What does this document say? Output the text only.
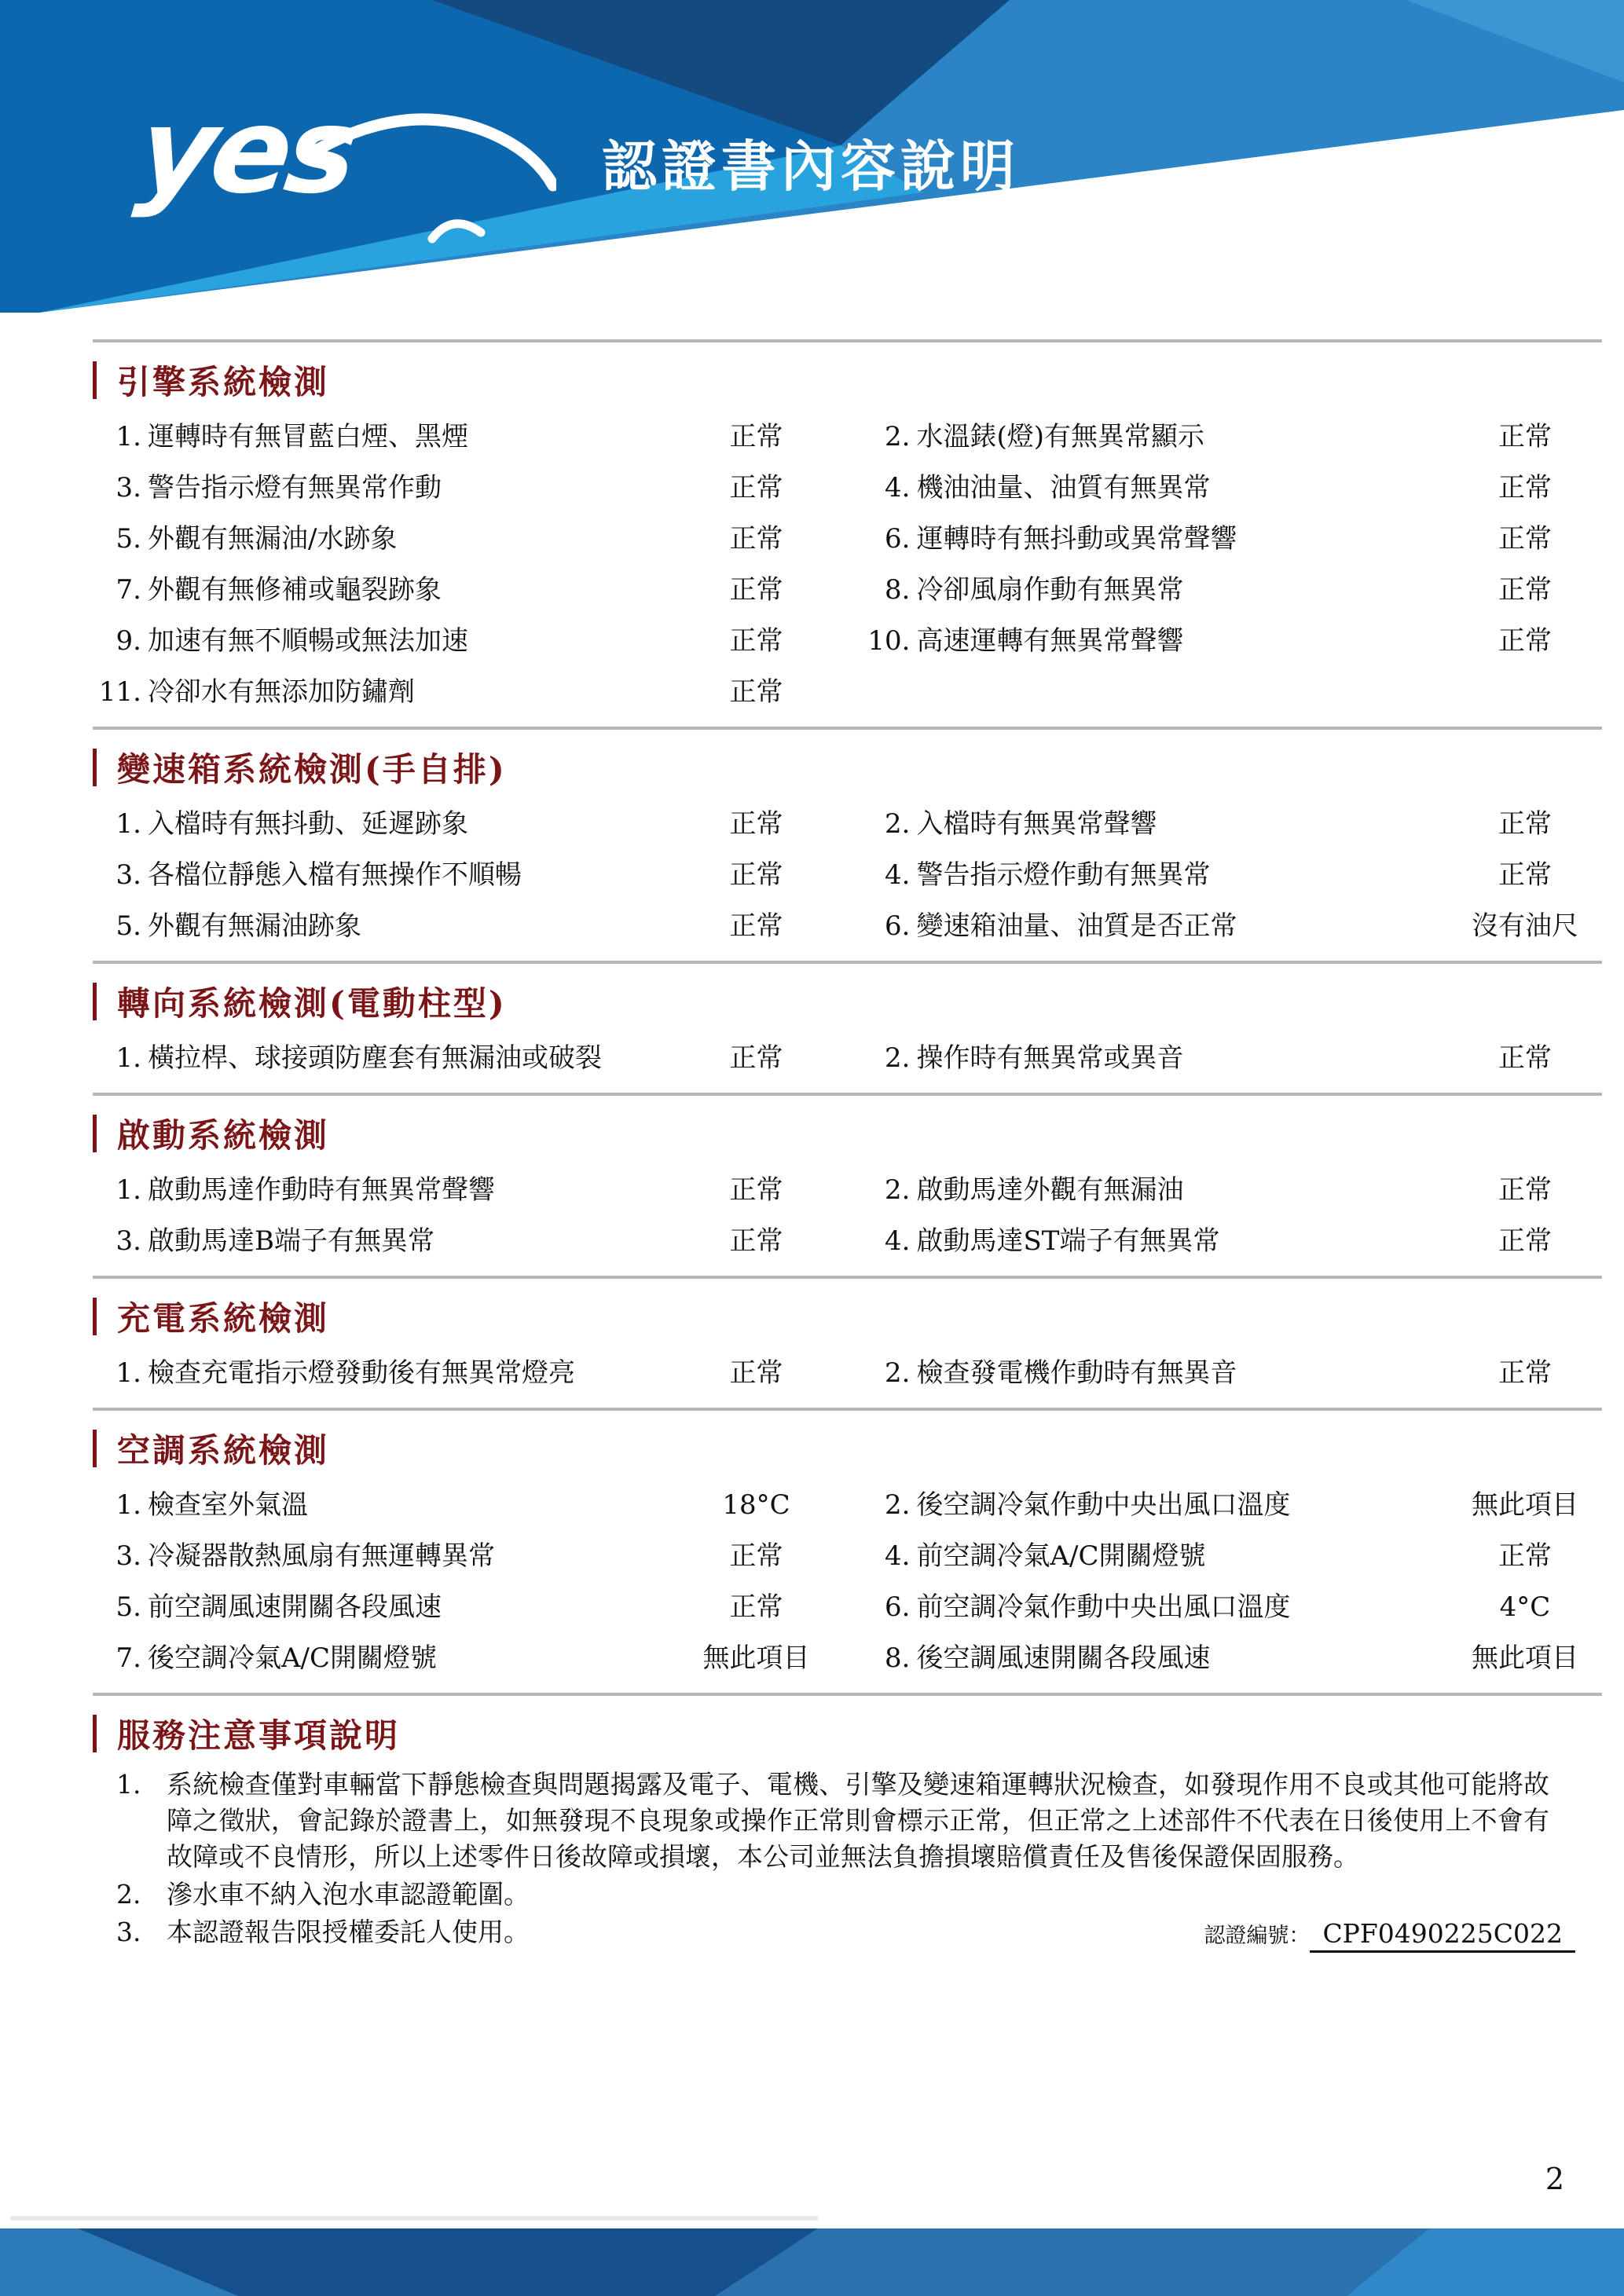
yes	認證書內容說明
引擎系統檢測
1. 運轉時有無冒藍白煙、黑煙	正常	2. 水溫錶(燈)有無異常顯示	正常
3. 警告指示燈有無異常作動	正常	4. 機油油量、油質有無異常	正常
5. 外觀有無漏油/水跡象	正常	6. 運轉時有無抖動或異常聲響	正常
7. 外觀有無修補或龜裂跡象	正常	8. 冷卻風扇作動有無異常	正常
9. 加速有無不順暢或無法加速	正常	10. 高速運轉有無異常聲響	正常
11. 冷卻水有無添加防鏽劑	正常
變速箱系統檢測(手自排)
1. 入檔時有無抖動、延遲跡象	正常	2. 入檔時有無異常聲響	正常
3. 各檔位靜態入檔有無操作不順暢	正常	4. 警告指示燈作動有無異常	正常
5. 外觀有無漏油跡象	正常	6. 變速箱油量、油質是否正常	沒有油尺
轉向系統檢測(電動柱型)
1. 橫拉桿、球接頭防塵套有無漏油或破裂	正常	2. 操作時有無異常或異音	正常
啟動系統檢測
1. 啟動馬達作動時有無異常聲響	正常	2. 啟動馬達外觀有無漏油	正常
3. 啟動馬達B端子有無異常	正常	4. 啟動馬達ST端子有無異常	正常
充電系統檢測
1. 檢查充電指示燈發動後有無異常燈亮	正常	2. 檢查發電機作動時有無異音	正常
空調系統檢測
1. 檢查室外氣溫	18°C	2. 後空調冷氣作動中央出風口溫度	無此項目
3. 冷凝器散熱風扇有無運轉異常	正常	4. 前空調冷氣A/C開關燈號	正常
5. 前空調風速開關各段風速	正常	6. 前空調冷氣作動中央出風口溫度	4°C
7. 後空調冷氣A/C開關燈號	無此項目	8. 後空調風速開關各段風速	無此項目
服務注意事項說明
1. 系統檢查僅對車輛當下靜態檢查與問題揭露及電子、電機、引擎及變速箱運轉狀況檢查，如發現作用不良或其他可能將故障之徵狀，會記錄於證書上，如無發現不良現象或操作正常則會標示正常，但正常之上述部件不代表在日後使用上不會有故障或不良情形，所以上述零件日後故障或損壞，本公司並無法負擔損壞賠償責任及售後保證保固服務。
2. 滲水車不納入泡水車認證範圍。
3. 本認證報告限授權委託人使用。	認證編號： CPF0490225C022
2
